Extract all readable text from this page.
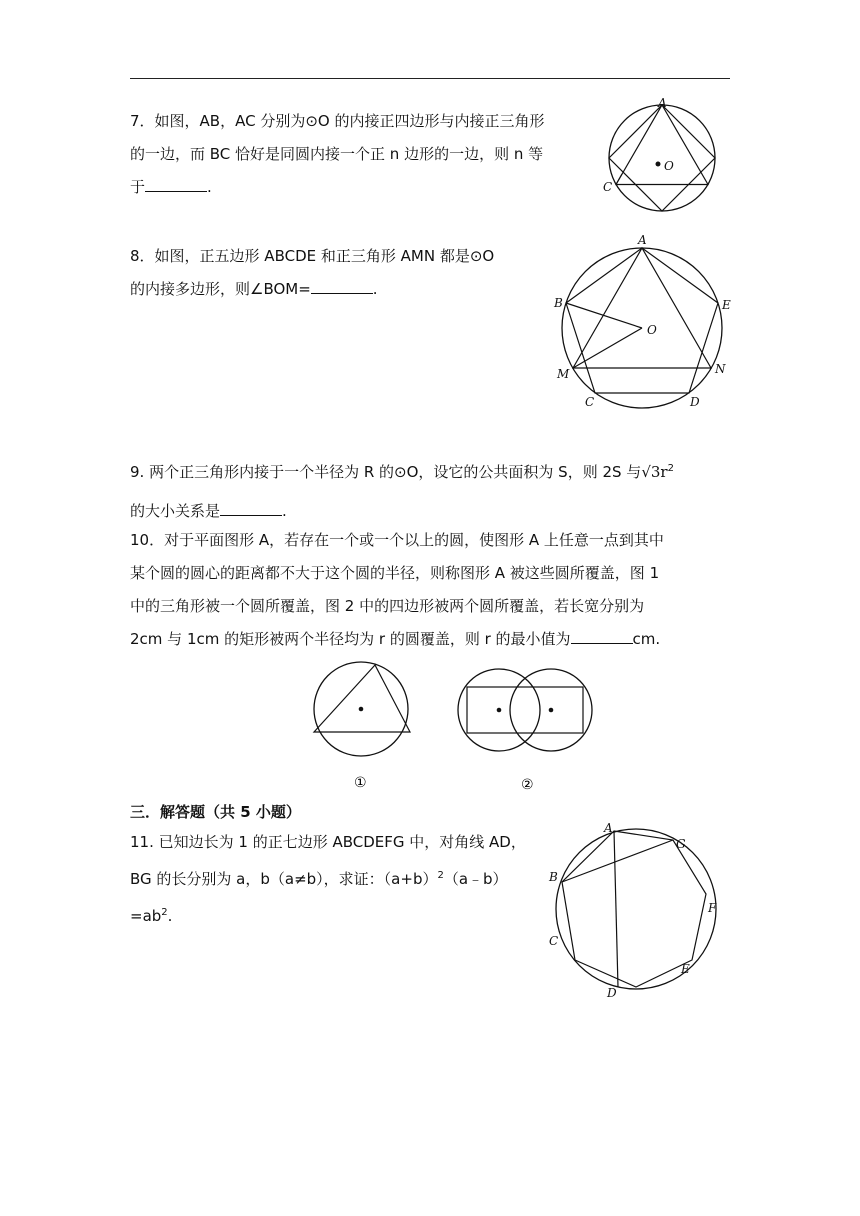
7．如图，AB，AC 分别为⊙O 的内接正四边形与内接正三角形
的一边，而 BC 恰好是同圆内接一个正 n 边形的一边，则 n 等
于	.
A
C
O
8．如图，正五边形 ABCDE 和正三角形 AMN 都是⊙O
的内接多边形，则∠BOM=	.
A
B	E
O
M	N
C	D
9. 两个正三角形内接于一个半径为 R 的⊙O，设它的公共面积为 S，则 2S 与$√3r^2$
的大小关系是	.
10．对于平面图形 A，若存在一个或一个以上的圆，使图形 A 上任意一点到其中
某个圆的圆心的距离都不大于这个圆的半径，则称图形 A 被这些圆所覆盖，图 1
中的三角形被一个圆所覆盖，图 2 中的四边形被两个圆所覆盖，若长宽分别为
2cm 与 1cm 的矩形被两个半径均为 r 的圆覆盖，则 r 的最小值为	cm.
①	②
三．解答题（共 5 小题）
11. 已知边长为 1 的正七边形 ABCDEFG 中，对角线 AD，
BG 的长分别为 a，b（a≠b），求证：$(a+b)^2(a﹣b)$
$=ab^2$.
A
G
B
F
C
E
D
